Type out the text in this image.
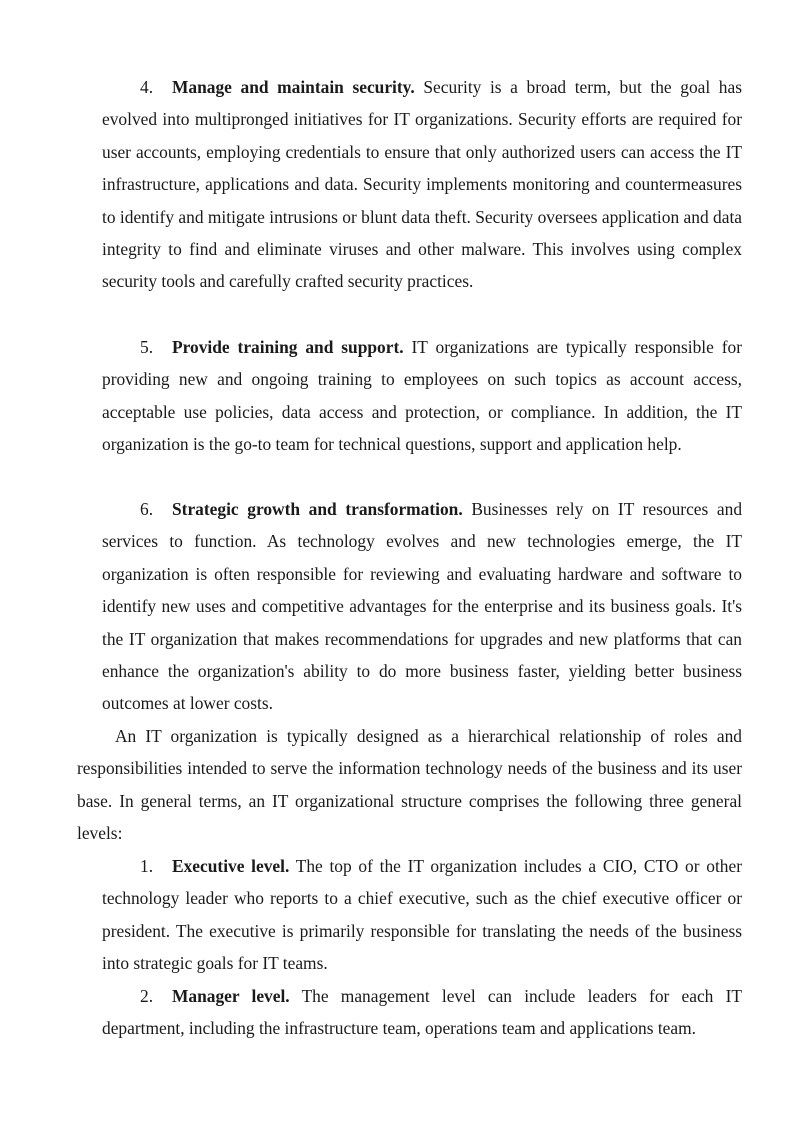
4. Manage and maintain security. Security is a broad term, but the goal has evolved into multipronged initiatives for IT organizations. Security efforts are required for user accounts, employing credentials to ensure that only authorized users can access the IT infrastructure, applications and data. Security implements monitoring and countermeasures to identify and mitigate intrusions or blunt data theft. Security oversees application and data integrity to find and eliminate viruses and other malware. This involves using complex security tools and carefully crafted security practices.
5. Provide training and support. IT organizations are typically responsible for providing new and ongoing training to employees on such topics as account access, acceptable use policies, data access and protection, or compliance. In addition, the IT organization is the go-to team for technical questions, support and application help.
6. Strategic growth and transformation. Businesses rely on IT resources and services to function. As technology evolves and new technologies emerge, the IT organization is often responsible for reviewing and evaluating hardware and software to identify new uses and competitive advantages for the enterprise and its business goals. It's the IT organization that makes recommendations for upgrades and new platforms that can enhance the organization's ability to do more business faster, yielding better business outcomes at lower costs.
An IT organization is typically designed as a hierarchical relationship of roles and responsibilities intended to serve the information technology needs of the business and its user base. In general terms, an IT organizational structure comprises the following three general levels:
1. Executive level. The top of the IT organization includes a CIO, CTO or other technology leader who reports to a chief executive, such as the chief executive officer or president. The executive is primarily responsible for translating the needs of the business into strategic goals for IT teams.
2. Manager level. The management level can include leaders for each IT department, including the infrastructure team, operations team and applications team.
